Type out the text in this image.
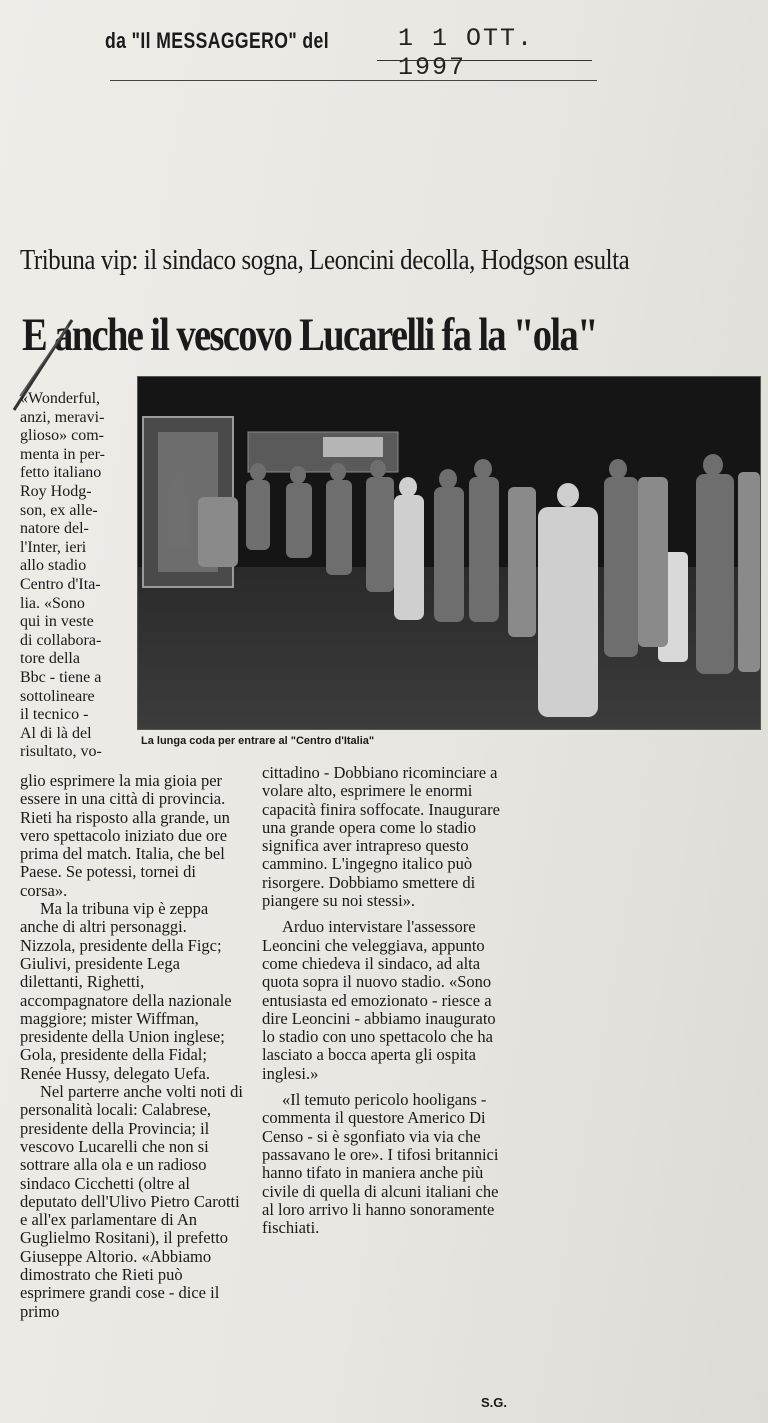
da "Il MESSAGGERO" del	1 1 OTT. 1997
Tribuna vip: il sindaco sogna, Leoncini decolla, Hodgson esulta
E anche il vescovo Lucarelli fa la "ola"
La lunga coda per entrare al "Centro d'Italia"

«Wonderful,

anzi, meravi-

glioso» com-

menta in per-

fetto italiano

Roy Hodg-

son, ex alle-

natore del-

l'Inter, ieri

allo stadio

Centro d'Ita-

lia. «Sono

qui in veste

di collabora-

tore della

Bbc - tiene a

sottolineare

il tecnico -

Al di là del

risultato, vo-

glio esprimere la mia gioia per essere in una città di provincia. Rieti ha risposto alla grande, un vero spettacolo iniziato due ore prima del match. Italia, che bel Paese. Se potessi, tornei di corsa».

Ma la tribuna vip è zeppa anche di altri personaggi. Nizzola, presidente della Figc; Giulivi, presidente Lega dilettanti, Righetti, accompagnatore della nazionale maggiore; mister Wiffman, presidente della Union inglese; Gola, presidente della Fidal; Renée Hussy, delegato Uefa.

Nel parterre anche volti noti di personalità locali: Calabrese, presidente della Provincia; il vescovo Lucarelli che non si sottrare alla ola e un radioso sindaco Cicchetti (oltre al deputato dell'Ulivo Pietro Carotti e all'ex parlamentare di An Guglielmo Rositani), il prefetto Giuseppe Altorio. «Abbiamo dimostrato che Rieti può esprimere grandi cose - dice il primo

cittadino - Dobbiano ricominciare a volare alto, esprimere le enormi capacità finira soffocate. Inaugurare una grande opera come lo stadio significa aver intrapreso questo cammino. L'ingegno italico può risorgere. Dobbiamo smettere di piangere su noi stessi».

Arduo intervistare l'assessore Leoncini che veleggiava, appunto come chiedeva il sindaco, ad alta quota sopra il nuovo stadio. «Sono entusiasta ed emozionato - riesce a dire Leoncini - abbiamo inaugurato lo stadio con uno spettacolo che ha lasciato a bocca aperta gli ospita inglesi.»

«Il temuto pericolo hooligans - commenta il questore Americo Di Censo - si è sgonfiato via via che passavano le ore». I tifosi britannici hanno tifato in maniera anche più civile di quella di alcuni italiani che al loro arrivo li hanno sonoramente fischiati.

S.G.
